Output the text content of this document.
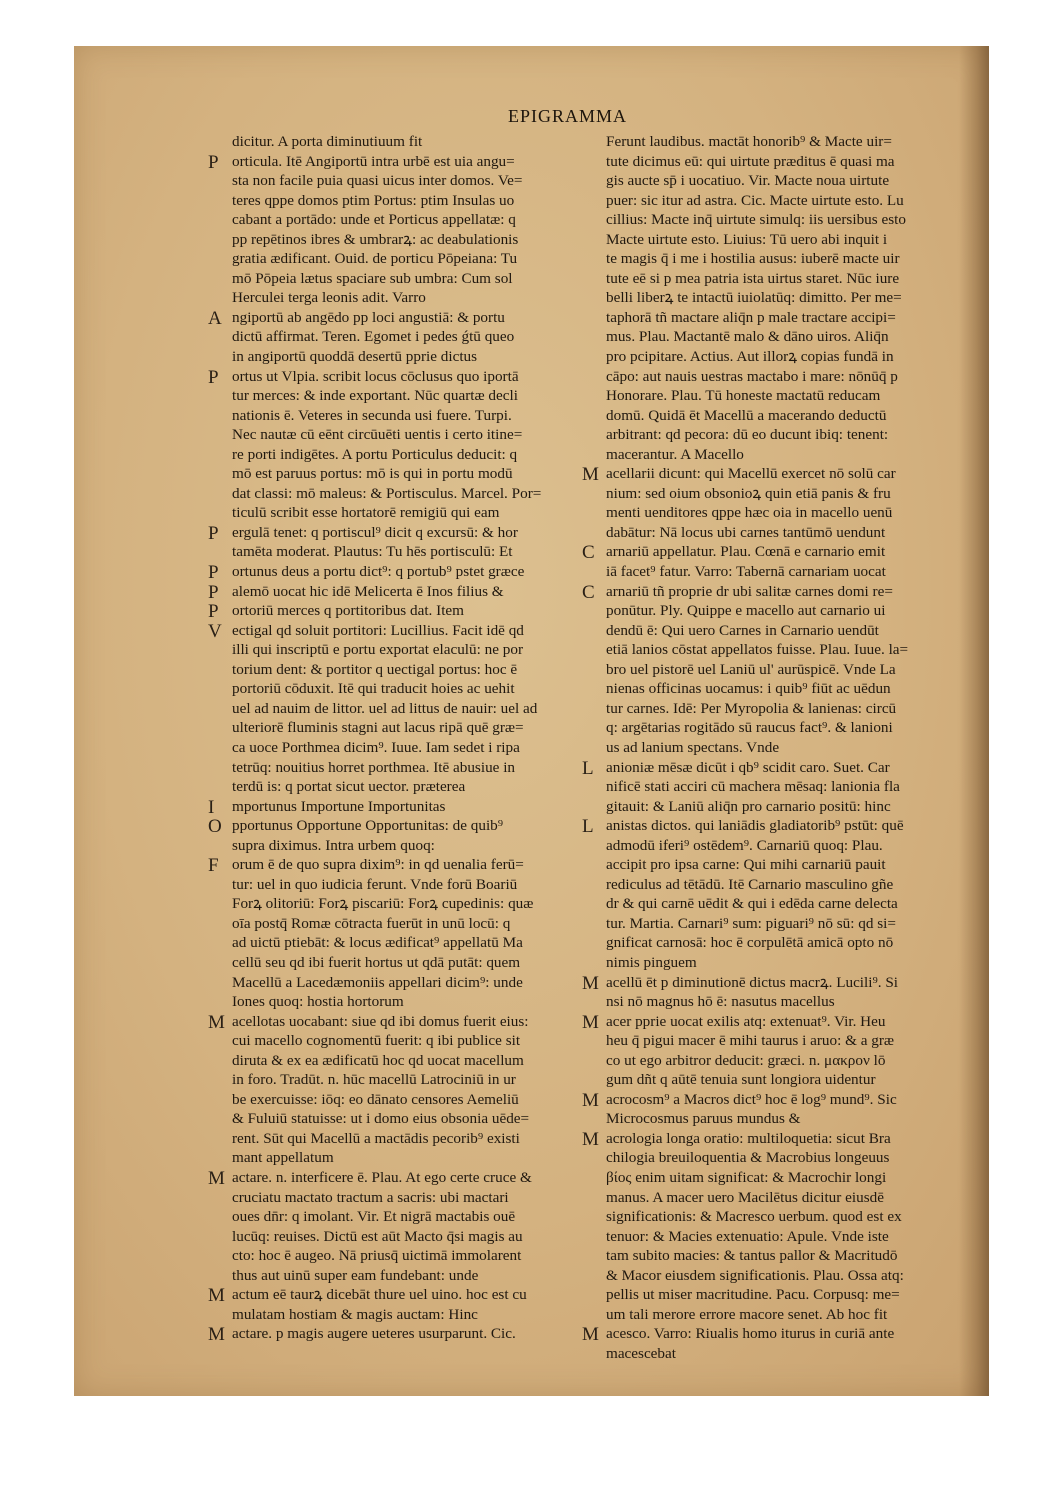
EPIGRAMMA
dicitur. A porta diminutiuum fit
P orticula. Itē Angiportū intra urbē est uia angu=
sta non facile puia quasi uicus inter domos. Ve=
teres qppe domos ptim Portus: ptim Insulas uo
cabant a portādo: unde et Porticus appellatæ: q
pp repētinos ibres & umbrarꝝ: ac deabulationis
gratia ædificant. Ouid. de porticu Pōpeiana: Tu
mō Pōpeia lætus spaciare sub umbra: Cum sol
Herculei terga leonis adit. Varro
A ngiportū ab angēdo pp loci angustiā: & portu
dictū affirmat. Teren. Egomet i pedes ǵtū queo
in angiportū quoddā desertū pprie dictus
P ortus ut Vlpia. scribit locus cōclusus quo iportā
tur merces: & inde exportant. Nūc quartæ decli
nationis ē. Veteres in secunda usi fuere. Turpi.
Nec nautæ cū eēnt circūuēti uentis i certo itine=
re porti indigētes. A portu Porticulus deducit: q
mō est paruus portus: mō is qui in portu modū
dat classi: mō maleus: & Portisculus. Marcel. Por=
ticulū scribit esse hortatorē remigiū qui eam
P ergulā tenet: q portiscul⁹ dicit q excursū: & hor
tamēta moderat. Plautus: Tu hēs portisculū: Et
P ortunus deus a portu dict⁹: q portub⁹ pstet græce
P alemō uocat hic idē Melicerta ē Inos filius &
P ortoriū merces q portitoribus dat. Item
V ectigal qd soluit portitori: Lucillius. Facit idē qd
illi qui inscriptū e portu exportat elaculū: ne por
torium dent: & portitor q uectigal portus: hoc ē
portoriū cōduxit. Itē qui traducit hoies ac uehit
uel ad nauim de littor. uel ad littus de nauir: uel ad
ulteriorē fluminis stagni aut lacus ripā quē græ=
ca uoce Porthmea dicim⁹. Iuue. Iam sedet i ripa
tetrūq: nouitius horret porthmea. Itē abusiue in
terdū is: q portat sicut uector. præterea
I mportunus Importune Importunitas
O pportunus Opportune Opportunitas: de quib⁹
supra diximus. Intra urbem quoq:
F orum ē de quo supra dixim⁹: in qd uenalia ferū=
tur: uel in quo iudicia ferunt. Vnde forū Boariū
Forꝝ olitoriū: Forꝝ piscariū: Forꝝ cupedinis: quæ
oīa postq̄ Romæ cōtracta fuerūt in unū locū: q
ad uictū ptiebāt: & locus ædificat⁹ appellatū Ma
cellū seu qd ibi fuerit hortus ut qdā putāt: quem
Macellū a Lacedæmoniis appellari dicim⁹: unde
Iones quoq: hostia hortorum
M acellotas uocabant: siue qd ibi domus fuerit eius:
cui macello cognomentū fuerit: q ibi publice sit
diruta & ex ea ædificatū hoc qd uocat macellum
in foro. Tradūt. n. hūc macellū Latrociniū in ur
be exercuisse: iōq: eo dānato censores Aemeliū
& Fuluiū statuisse: ut i domo eius obsonia uēde=
rent. Sūt qui Macellū a mactādis pecorib⁹ existi
mant appellatum
M actare. n. interficere ē. Plau. At ego certe cruce &
cruciatu mactato tractum a sacris: ubi mactari
oues dn̄r: q imolant. Vir. Et nigrā mactabis ouē
lucūq: reuises. Dictū est aūt Macto q̄si magis au
cto: hoc ē augeo. Nā priusq̄ uictimā immolarent
thus aut uinū super eam fundebant: unde
M actum eē taurꝝ dicebāt thure uel uino. hoc est cu
mulatam hostiam & magis auctam: Hinc
M actare. p magis augere ueteres usurparunt. Cic.
Ferunt laudibus. mactāt honorib⁹ & Macte uir=
tute dicimus eū: qui uirtute præditus ē quasi ma
gis aucte sp̄ i uocatiuo. Vir. Macte noua uirtute
puer: sic itur ad astra. Cic. Macte uirtute esto. Lu
cillius: Macte inq̄ uirtute simulq: iis uersibus esto
Macte uirtute esto. Liuius: Tū uero abi inquit i
te magis q̄ i me i hostilia ausus: iuberē macte uir
tute eē si p mea patria ista uirtus staret. Nūc iure
belli liberꝝ te intactū iuiolatūq: dimitto. Per me=
taphorā tñ mactare aliq̄n p male tractare accipi=
mus. Plau. Mactantē malo & dāno uiros. Aliq̄n
pro pcipitare. Actius. Aut illorꝝ copias fundā in
cāpo: aut nauis uestras mactabo i mare: nōnūq̄ p
Honorare. Plau. Tū honeste mactatū reducam
domū. Quidā ēt Macellū a macerando deductū
arbitrant: qd pecora: dū eo ducunt ibiq: tenent:
macerantur. A Macello
M acellarii dicunt: qui Macellū exercet nō solū car
nium: sed oium obsonioꝝ quin etiā panis & fru
menti uenditores qppe hæc oia in macello uenū
dabātur: Nā locus ubi carnes tantūmō uendunt
C arnariū appellatur. Plau. Cœnā e carnario emit
iā facet⁹ fatur. Varro: Tabernā carnariam uocat
C arnariū tñ proprie dr ubi salitæ carnes domi re=
ponūtur. Ply. Quippe e macello aut carnario ui
dendū ē: Qui uero Carnes in Carnario uendūt
etiā lanios cōstat appellatos fuisse. Plau. Iuue. la=
bro uel pistorē uel Laniū ul' aurūspicē. Vnde La
nienas officinas uocamus: i quib⁹ fiūt ac uēdun
tur carnes. Idē: Per Myropolia & lanienas: circū
q: argētarias rogitādo sū raucus fact⁹. & lanioni
us ad lanium spectans. Vnde
L anioniæ mēsæ dicūt i qb⁹ scidit caro. Suet. Car
nificē stati acciri cū machera mēsaq: lanionia fla
gitauit: & Laniū aliq̄n pro carnario positū: hinc
L anistas dictos. qui laniādis gladiatorib⁹ pstūt: quē
admodū iferi⁹ ostēdem⁹. Carnariū quoq: Plau.
accipit pro ipsa carne: Qui mihi carnariū pauit
rediculus ad tētādū. Itē Carnario masculino gñe
dr & qui carnē uēdit & qui i edēda carne delecta
tur. Martia. Carnari⁹ sum: piguari⁹ nō sū: qd si=
gnificat carnosā: hoc ē corpulētā amicā opto nō
nimis pinguem
M acellū ēt p diminutionē dictus macrꝝ. Lucili⁹. Si
nsi nō magnus hō ē: nasutus macellus
M acer pprie uocat exilis atq: extenuat⁹. Vir. Heu
heu q̄ pigui macer ē mihi taurus i aruo: & a græ
co ut ego arbitror deducit: græci. n. μακρον lō
gum dñt q aūtē tenuia sunt longiora uidentur
M acrocosm⁹ a Macros dict⁹ hoc ē log⁹ mund⁹. Sic
Microcosmus paruus mundus &
M acrologia longa oratio: multiloquetia: sicut Bra
chilogia breuiloquentia & Macrobius longeuus
βίος enim uitam significat: & Macrochir longi
manus. A macer uero Macilētus dicitur eiusdē
significationis: & Macresco uerbum. quod est ex
tenuor: & Macies extenuatio: Apule. Vnde iste
tam subito macies: & tantus pallor & Macritudō
& Macor eiusdem significationis. Plau. Ossa atq:
pellis ut miser macritudine. Pacu. Corpusq: me=
um tali merore errore macore senet. Ab hoc fit
M acesco. Varro: Riualis homo iturus in curiā ante
macescebat
